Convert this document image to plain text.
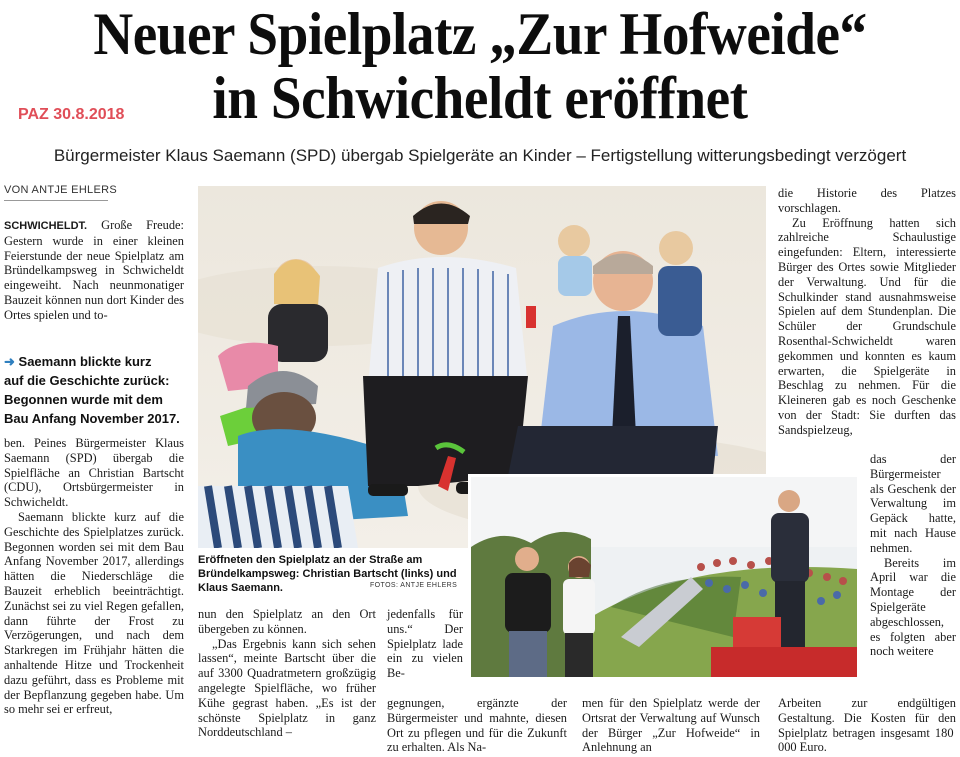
Neuer Spielplatz „Zur Hofweide“
in Schwicheldt eröffnet
PAZ 30.8.2018
Bürgermeister Klaus Saemann (SPD) übergab Spielgeräte an Kinder – Fertigstellung witterungsbedingt verzögert
VON ANTJE EHLERS

SCHWICHELDT. Große Freude: Gestern wurde in einer kleinen Feierstunde der neue Spielplatz am Bründelkampsweg in Schwicheldt eingeweiht. Nach neunmonatiger Bauzeit können nun dort Kinder des Ortes spielen und to-

➜ Saemann blickte kurz
auf die Geschichte zurück:
Begonnen wurde mit dem
Bau Anfang November 2017.

ben. Peines Bürgermeister Klaus Saemann (SPD) übergab die Spielfläche an Christian Bartscht (CDU), Ortsbürgermeister in Schwicheldt.

Saemann blickte kurz auf die Geschichte des Spielplatzes zurück. Begonnen worden sei mit dem Bau Anfang November 2017, allerdings hätten die Niederschläge die Bauzeit erheblich beeinträchtigt. Zunächst sei zu viel Regen gefallen, dann führte der Frost zu Verzögerungen, und nach dem Starkregen im Frühjahr hätten die anhaltende Hitze und Trockenheit dazu geführt, dass es Probleme mit der Bepflanzung gegeben habe. Um so mehr sei er erfreut,

Eröffneten den Spielplatz an der Straße am Bründelkampsweg: Christian Bartscht (links) und Klaus Saemann.	FOTOS: ANTJE EHLERS

nun den Spielplatz an den Ort übergeben zu können.

„Das Ergebnis kann sich sehen lassen“, meinte Bartscht über die auf 3300 Quadratmetern großzügig angelegte Spielfläche, wo früher Kühe gegrast haben. „Es ist der schönste Spielplatz in ganz Norddeutschland –

jedenfalls für uns.“ Der Spielplatz lade ein zu vielen Be-
gegnungen, ergänzte der Bürgermeister und mahnte, diesen Ort zu pflegen und für die Zukunft zu erhalten. Als Na-
men für den Spielplatz werde der Ortsrat der Verwaltung auf Wunsch der Bürger „Zur Hofweide“ in Anlehnung an

die Historie des Platzes vorschlagen.

Zu Eröffnung hatten sich zahlreiche Schaulustige eingefunden: Eltern, interessierte Bürger des Ortes sowie Mitglieder der Verwaltung. Und für die Schulkinder stand ausnahmsweise Spielen auf dem Stundenplan. Die Schüler der Grundschule Rosenthal-Schwicheldt waren gekommen und konnten es kaum erwarten, die Spielgeräte in Beschlag zu nehmen. Für die Kleineren gab es noch Geschenke von der Stadt: Sie durften das Sandspielzeug,

das der Bürgermeister als Geschenk der Verwaltung im Gepäck hatte, mit nach Hause nehmen.

Bereits im April war die Montage der Spielgeräte abgeschlossen, es folgten aber noch weitere

Arbeiten zur endgültigen Gestaltung. Die Kosten für den Spielplatz betragen insgesamt 180 000 Euro.
